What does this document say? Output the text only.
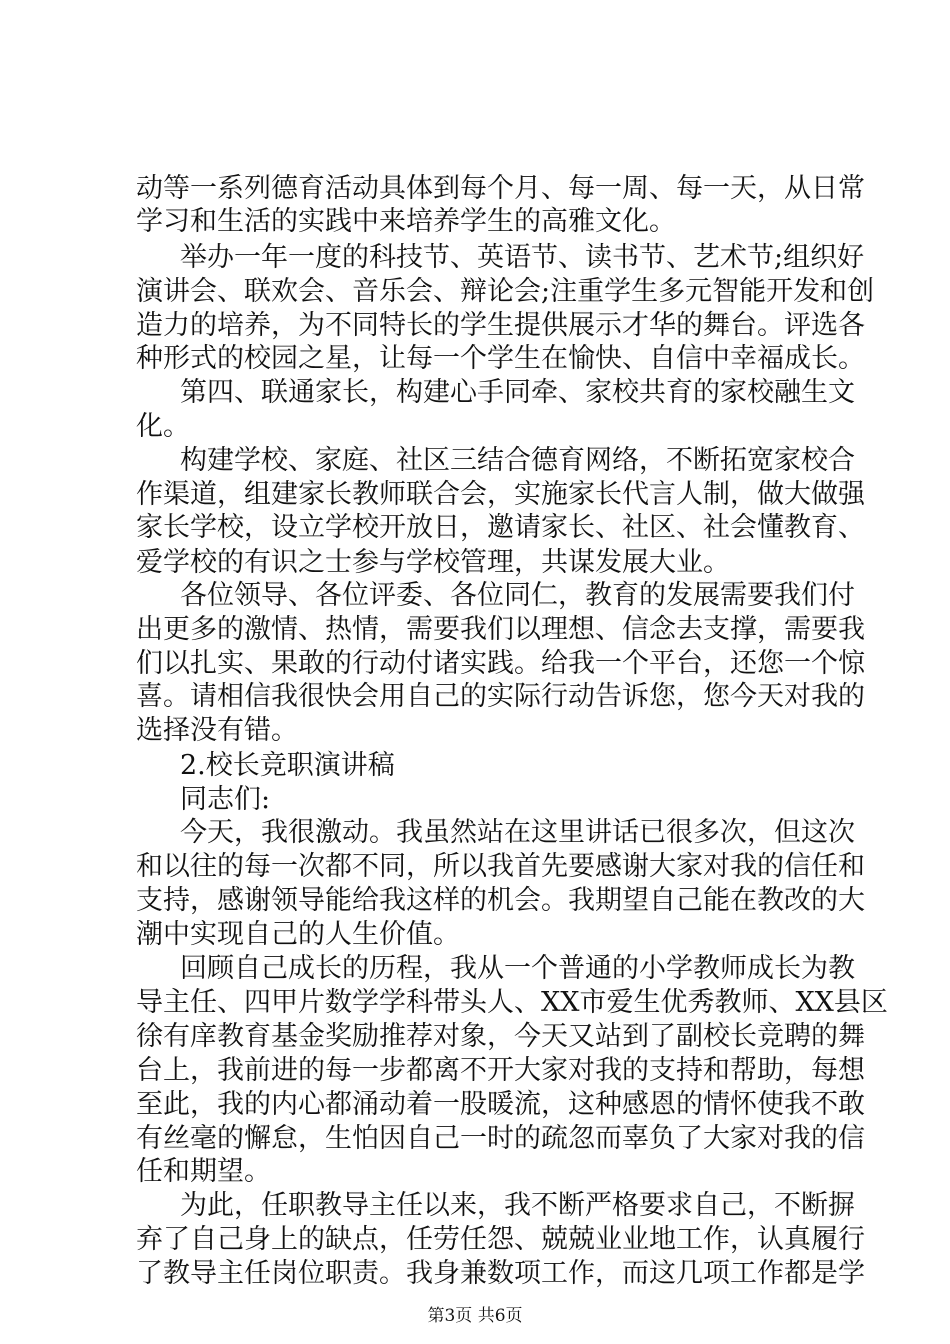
动等一系列德育活动具体到每个月、每一周、每一天，从日常
学习和生活的实践中来培养学生的高雅文化。
举办一年一度的科技节、英语节、读书节、艺术节;组织好
演讲会、联欢会、音乐会、辩论会;注重学生多元智能开发和创
造力的培养，为不同特长的学生提供展示才华的舞台。评选各
种形式的校园之星，让每一个学生在愉快、自信中幸福成长。
第四、联通家长，构建心手同牵、家校共育的家校融生文
化。
构建学校、家庭、社区三结合德育网络，不断拓宽家校合
作渠道，组建家长教师联合会，实施家长代言人制，做大做强
家长学校，设立学校开放日，邀请家长、社区、社会懂教育、
爱学校的有识之士参与学校管理，共谋发展大业。
各位领导、各位评委、各位同仁，教育的发展需要我们付
出更多的激情、热情，需要我们以理想、信念去支撑，需要我
们以扎实、果敢的行动付诸实践。给我一个平台，还您一个惊
喜。请相信我很快会用自己的实际行动告诉您，您今天对我的
选择没有错。
2.校长竞职演讲稿
同志们:
今天，我很激动。我虽然站在这里讲话已很多次，但这次
和以往的每一次都不同，所以我首先要感谢大家对我的信任和
支持，感谢领导能给我这样的机会。我期望自己能在教改的大
潮中实现自己的人生价值。
回顾自己成长的历程，我从一个普通的小学教师成长为教
导主任、四甲片数学学科带头人、XX市爱生优秀教师、XX县区
徐有庠教育基金奖励推荐对象，今天又站到了副校长竞聘的舞
台上，我前进的每一步都离不开大家对我的支持和帮助，每想
至此，我的内心都涌动着一股暖流，这种感恩的情怀使我不敢
有丝毫的懈怠，生怕因自己一时的疏忽而辜负了大家对我的信
任和期望。
为此，任职教导主任以来，我不断严格要求自己，不断摒
弃了自己身上的缺点，任劳任怨、兢兢业业地工作，认真履行
了教导主任岗位职责。我身兼数项工作，而这几项工作都是学
第3页 共6页
